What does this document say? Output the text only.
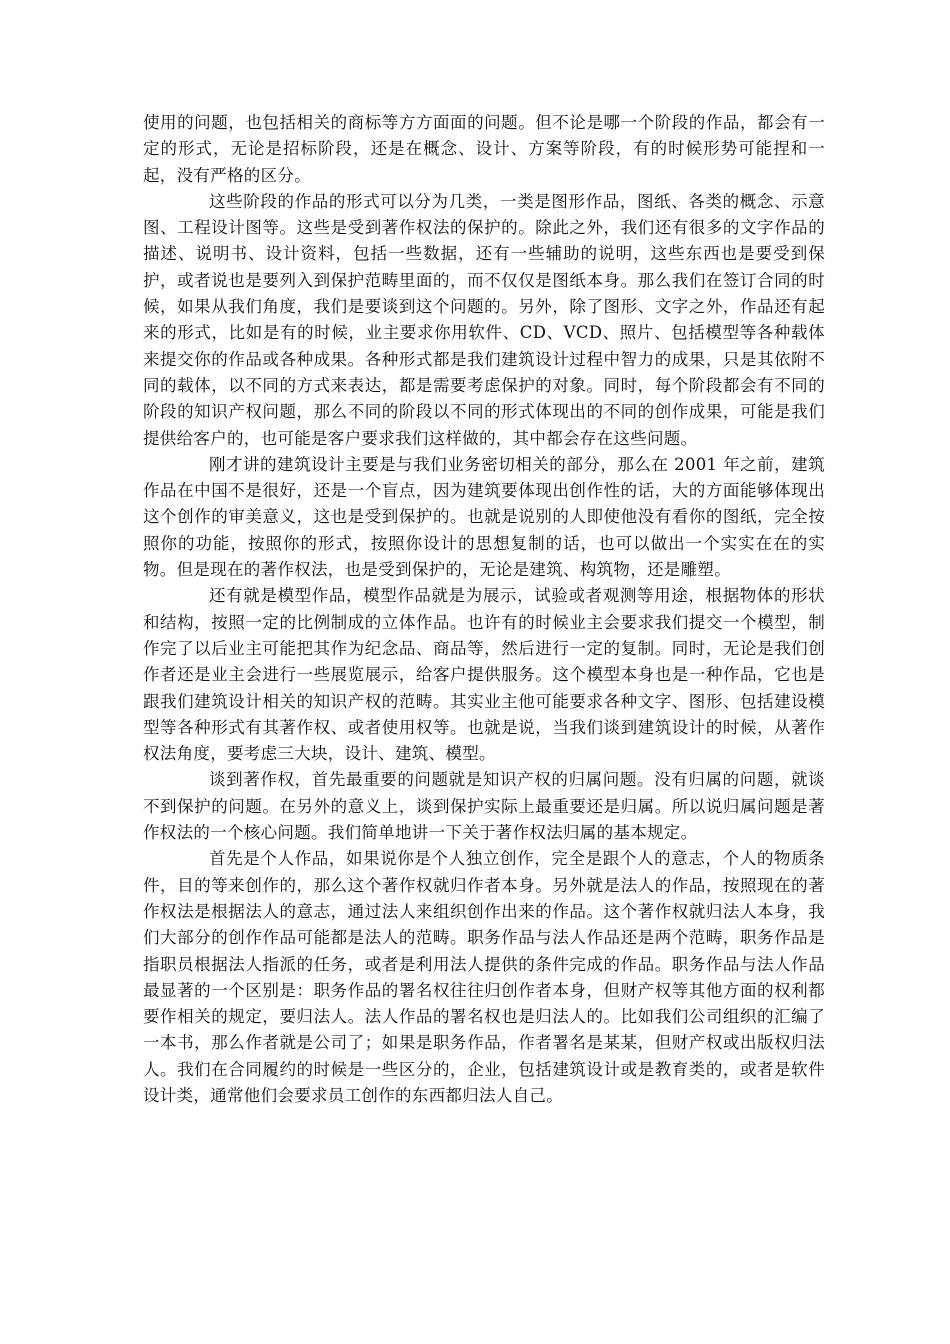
使用的问题，也包括相关的商标等方方面面的问题。但不论是哪一个阶段的作品，都会有一定的形式，无论是招标阶段，还是在概念、设计、方案等阶段，有的时候形势可能捏和一起，没有严格的区分。

这些阶段的作品的形式可以分为几类，一类是图形作品，图纸、各类的概念、示意图、工程设计图等。这些是受到著作权法的保护的。除此之外，我们还有很多的文字作品的描述、说明书、设计资料，包括一些数据，还有一些辅助的说明，这些东西也是要受到保护，或者说也是要列入到保护范畴里面的，而不仅仅是图纸本身。那么我们在签订合同的时候，如果从我们角度，我们是要谈到这个问题的。另外，除了图形、文字之外，作品还有起来的形式，比如是有的时候，业主要求你用软件、CD、VCD、照片、包括模型等各种载体来提交你的作品或各种成果。各种形式都是我们建筑设计过程中智力的成果，只是其依附不同的载体，以不同的方式来表达，都是需要考虑保护的对象。同时，每个阶段都会有不同的阶段的知识产权问题，那么不同的阶段以不同的形式体现出的不同的创作成果，可能是我们提供给客户的，也可能是客户要求我们这样做的，其中都会存在这些问题。

刚才讲的建筑设计主要是与我们业务密切相关的部分，那么在 2001 年之前，建筑作品在中国不是很好，还是一个盲点，因为建筑要体现出创作性的话，大的方面能够体现出这个创作的审美意义，这也是受到保护的。也就是说别的人即使他没有看你的图纸，完全按照你的功能，按照你的形式，按照你设计的思想复制的话，也可以做出一个实实在在的实物。但是现在的著作权法，也是受到保护的，无论是建筑、构筑物，还是雕塑。

还有就是模型作品，模型作品就是为展示，试验或者观测等用途，根据物体的形状和结构，按照一定的比例制成的立体作品。也许有的时候业主会要求我们提交一个模型，制作完了以后业主可能把其作为纪念品、商品等，然后进行一定的复制。同时，无论是我们创作者还是业主会进行一些展览展示，给客户提供服务。这个模型本身也是一种作品，它也是跟我们建筑设计相关的知识产权的范畴。其实业主他可能要求各种文字、图形、包括建设模型等各种形式有其著作权、或者使用权等。也就是说，当我们谈到建筑设计的时候，从著作权法角度，要考虑三大块，设计、建筑、模型。

谈到著作权，首先最重要的问题就是知识产权的归属问题。没有归属的问题，就谈不到保护的问题。在另外的意义上，谈到保护实际上最重要还是归属。所以说归属问题是著作权法的一个核心问题。我们简单地讲一下关于著作权法归属的基本规定。

首先是个人作品，如果说你是个人独立创作，完全是跟个人的意志，个人的物质条件，目的等来创作的，那么这个著作权就归作者本身。另外就是法人的作品，按照现在的著作权法是根据法人的意志，通过法人来组织创作出来的作品。这个著作权就归法人本身，我们大部分的创作作品可能都是法人的范畴。职务作品与法人作品还是两个范畴，职务作品是指职员根据法人指派的任务，或者是利用法人提供的条件完成的作品。职务作品与法人作品最显著的一个区别是：职务作品的署名权往往归创作者本身，但财产权等其他方面的权利都要作相关的规定，要归法人。法人作品的署名权也是归法人的。比如我们公司组织的汇编了一本书，那么作者就是公司了；如果是职务作品，作者署名是某某，但财产权或出版权归法人。我们在合同履约的时候是一些区分的，企业，包括建筑设计或是教育类的，或者是软件设计类，通常他们会要求员工创作的东西都归法人自己。
